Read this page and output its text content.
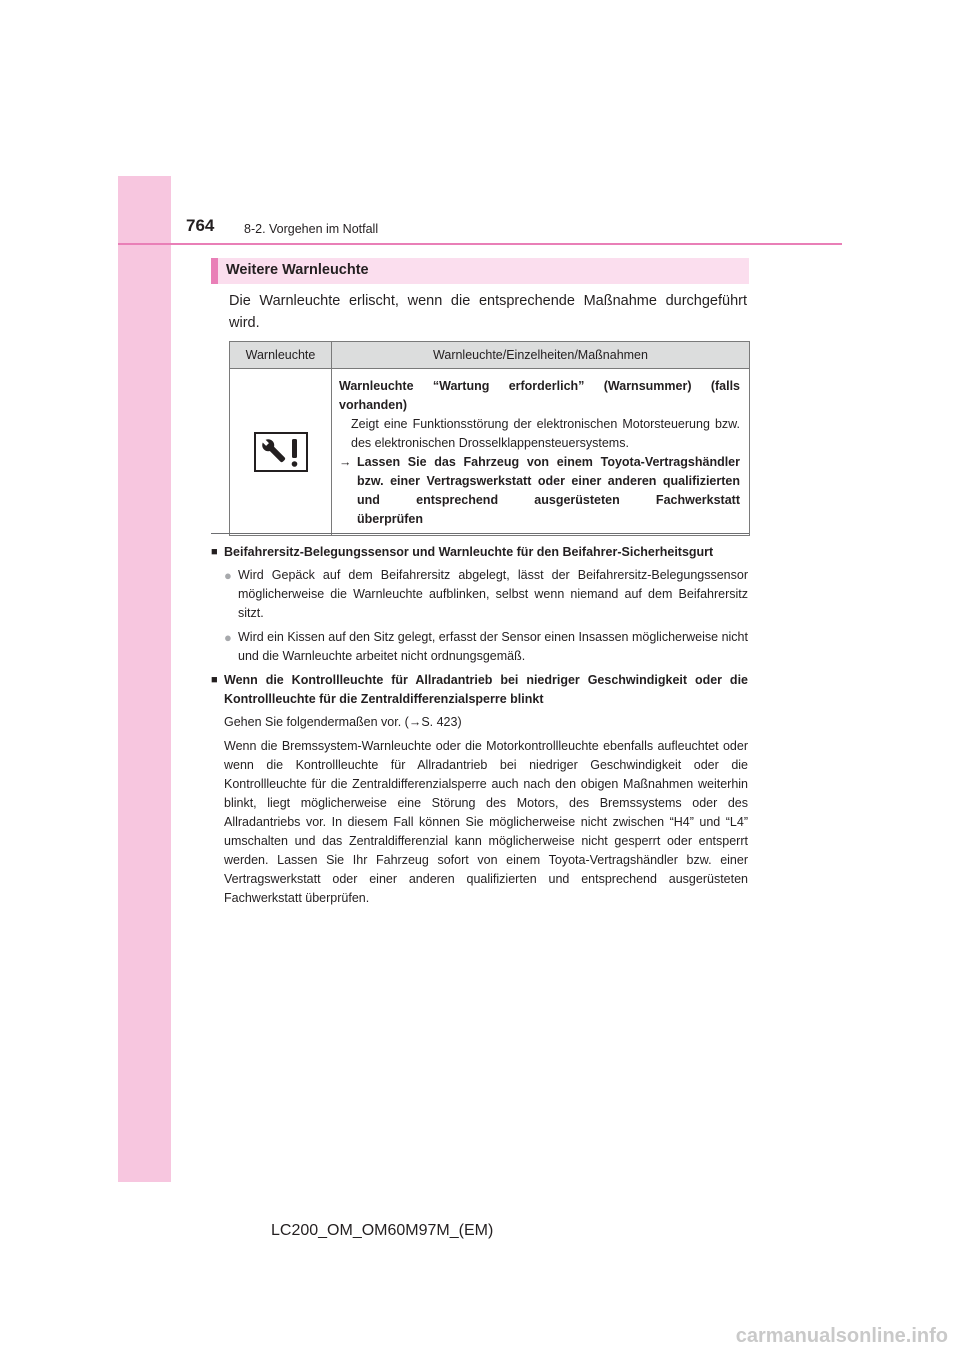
764 8-2. Vorgehen im Notfall
Weitere Warnleuchte
Die Warnleuchte erlischt, wenn die entsprechende Maßnahme durchgeführt wird.
Warnleuchte	Warnleuchte/Einzelheiten/Maßnahmen

Warnleuchte “Wartung erforderlich” (Warnsummer) (falls vorhanden)
Zeigt eine Funktionsstörung der elektronischen Motorsteuerung bzw. des elektronischen Drosselklappensteuersystems.
→ Lassen Sie das Fahrzeug von einem Toyota-Vertragshändler bzw. einer Vertragswerkstatt oder einer anderen qualifizierten und entsprechend ausgerüsteten Fachwerkstatt
überprüfen
■ Beifahrersitz-Belegungssensor und Warnleuchte für den Beifahrer-Sicherheitsgurt
● Wird Gepäck auf dem Beifahrersitz abgelegt, lässt der Beifahrersitz-Belegungssensor möglicherweise die Warnleuchte aufblinken, selbst wenn niemand auf dem Beifahrersitz sitzt.
● Wird ein Kissen auf den Sitz gelegt, erfasst der Sensor einen Insassen möglicherweise nicht und die Warnleuchte arbeitet nicht ordnungsgemäß.
■ Wenn die Kontrollleuchte für Allradantrieb bei niedriger Geschwindigkeit oder die Kontrollleuchte für die Zentraldifferenzialsperre blinkt
Gehen Sie folgendermaßen vor. (→S. 423)
Wenn die Bremssystem-Warnleuchte oder die Motorkontrollleuchte ebenfalls aufleuchtet oder wenn die Kontrollleuchte für Allradantrieb bei niedriger Geschwindigkeit oder die Kontrollleuchte für die Zentraldifferenzialsperre auch nach den obigen Maßnahmen weiterhin blinkt, liegt möglicherweise eine Störung des Motors, des Bremssystems oder des Allradantriebs vor. In diesem Fall können Sie möglicherweise nicht zwischen “H4” und “L4” umschalten und das Zentraldifferenzial kann möglicherweise nicht gesperrt oder entsperrt werden. Lassen Sie Ihr Fahrzeug sofort von einem Toyota-Vertragshändler bzw. einer Vertragswerkstatt oder einer anderen qualifizierten und entsprechend ausgerüsteten Fachwerkstatt überprüfen.
LC200_OM_OM60M97M_(EM)
carmanualsonline.info
